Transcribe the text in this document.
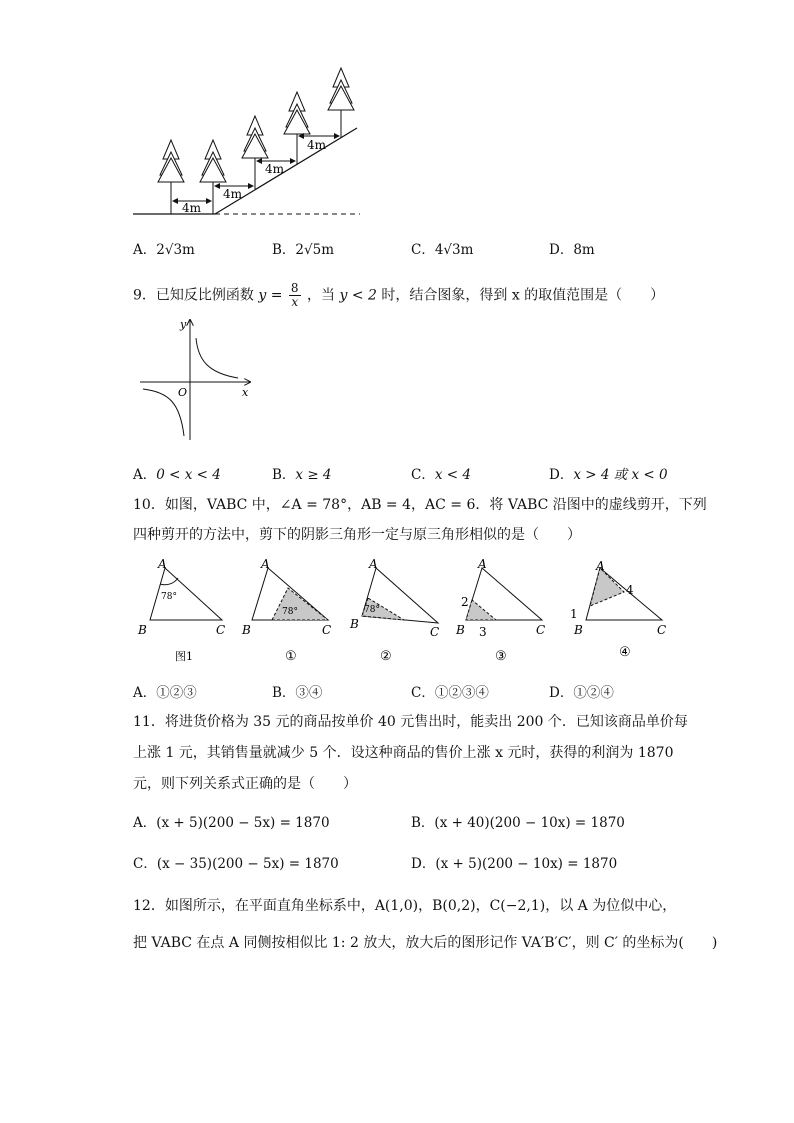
4m
4m
4m
4m
A．2√3m	B．2√5m	C．4√3m	D．8m
9．已知反比例函数 $y = \frac{8}{x}$ ，当 y < 2 时，结合图象，得到 x 的取值范围是（　　）
y
x
O
A．0 < x < 4	B．x ≥ 4	C．x < 4	D．x > 4 或 x < 0
10．如图，VABC 中，∠A = 78°，AB = 4，AC = 6．将 VABC 沿图中的虚线剪开，下列
四种剪开的方法中，剪下的阴影三角形一定与原三角形相似的是（　　）
A
B	C
78°
图1
A
B	C
78°
①
A
B
C
78°
②
A
B	C
2
3
③
A
B	C
4
1
④
A．①②③	B．③④	C．①②③④	D．①②④
11．将进货价格为 35 元的商品按单价 40 元售出时，能卖出 200 个．已知该商品单价每
上涨 1 元，其销售量就减少 5 个．设这种商品的售价上涨 x 元时，获得的利润为 1870
元，则下列关系式正确的是（　　）
A．(x + 5)(200 − 5x) = 1870	B．(x + 40)(200 − 10x) = 1870
C．(x − 35)(200 − 5x) = 1870	D．(x + 5)(200 − 10x) = 1870
12．如图所示，在平面直角坐标系中，A(1,0)，B(0,2)，C(−2,1)，以 A 为位似中心，
把 VABC 在点 A 同侧按相似比 1: 2 放大，放大后的图形记作 VA′B′C′，则 C′ 的坐标为(　　)
